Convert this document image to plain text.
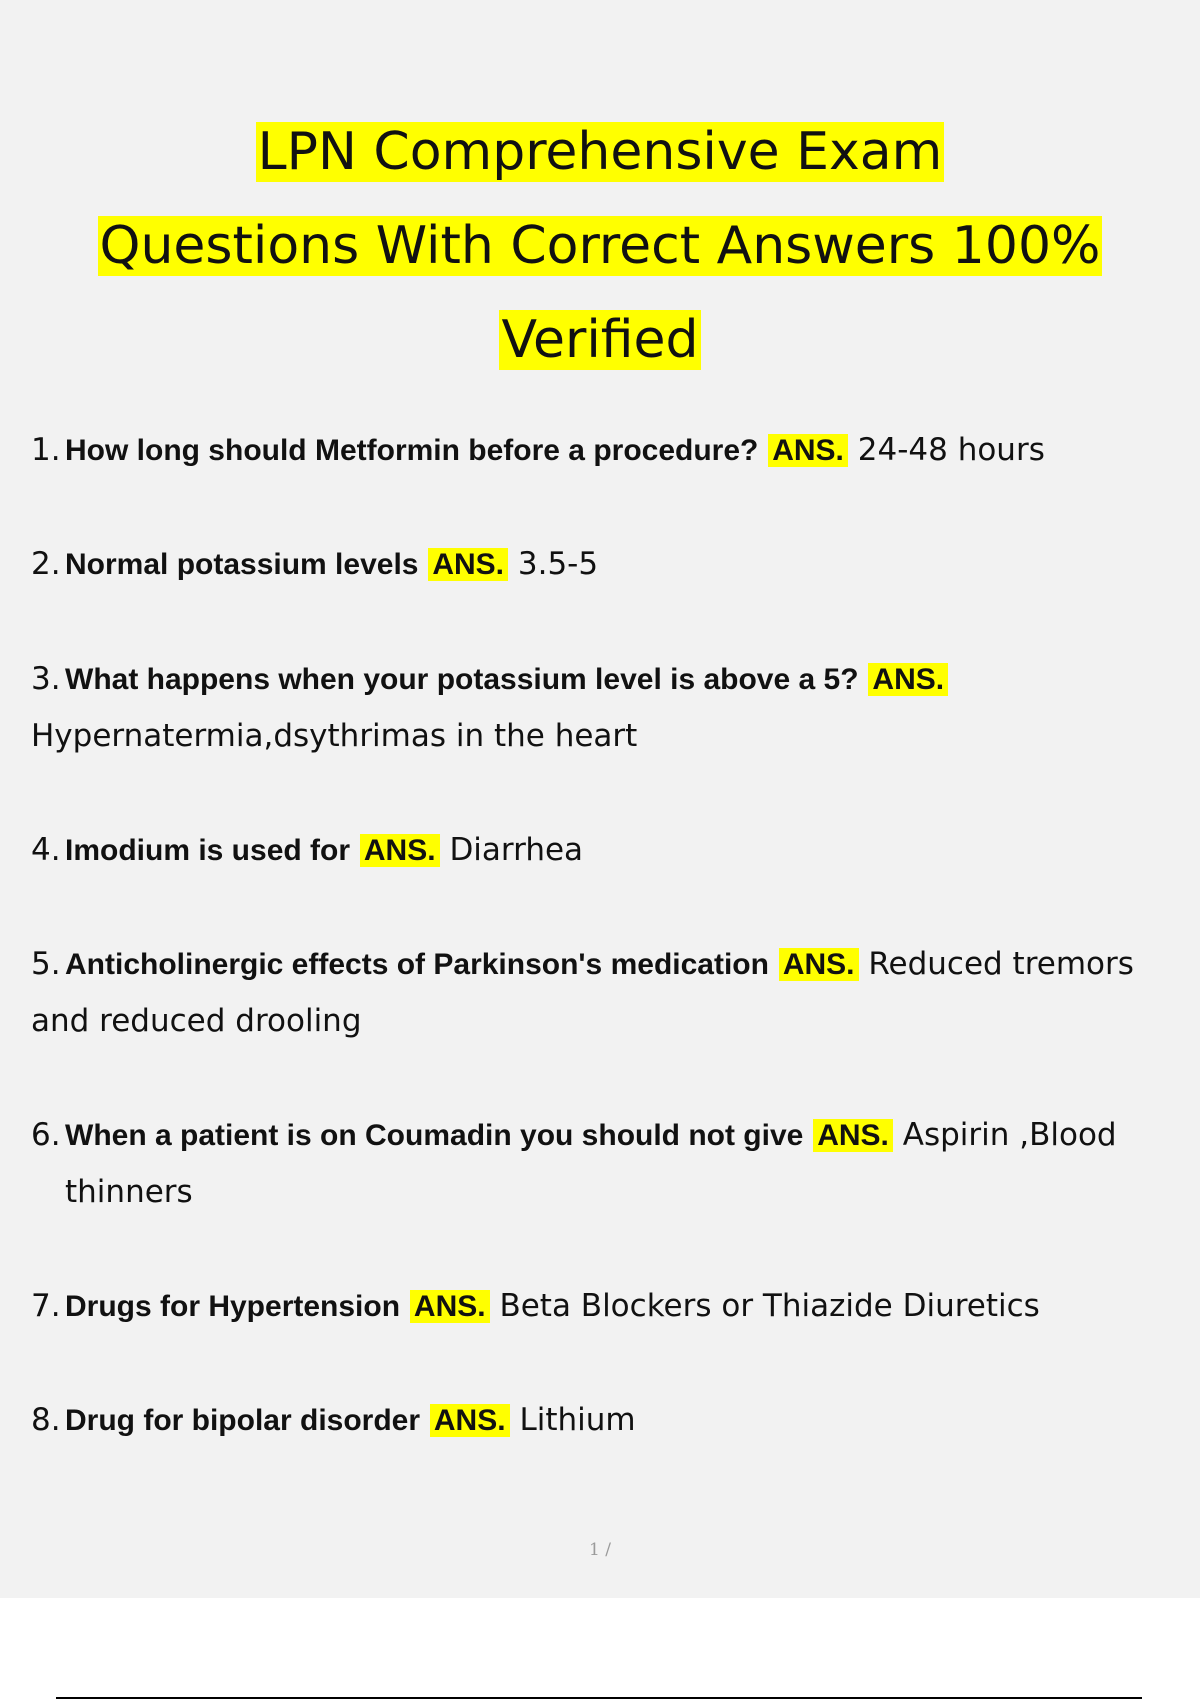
LPN Comprehensive Exam
Questions With Correct Answers 100%
Verified
1. How long should Metformin before a procedure? ANS. 24-48 hours
2. Normal potassium levels ANS. 3.5-5
3. What happens when your potassium level is above a 5? ANS. Hypernatermia,dsythrimas in the heart
4. Imodium is used for ANS. Diarrhea
5. Anticholinergic effects of Parkinson's medication ANS. Reduced tremors and reduced drooling
6. When a patient is on Coumadin you should not give ANS. Aspirin ,Blood thinners
7. Drugs for Hypertension ANS. Beta Blockers or Thiazide Diuretics
8. Drug for bipolar disorder ANS. Lithium
1 /
